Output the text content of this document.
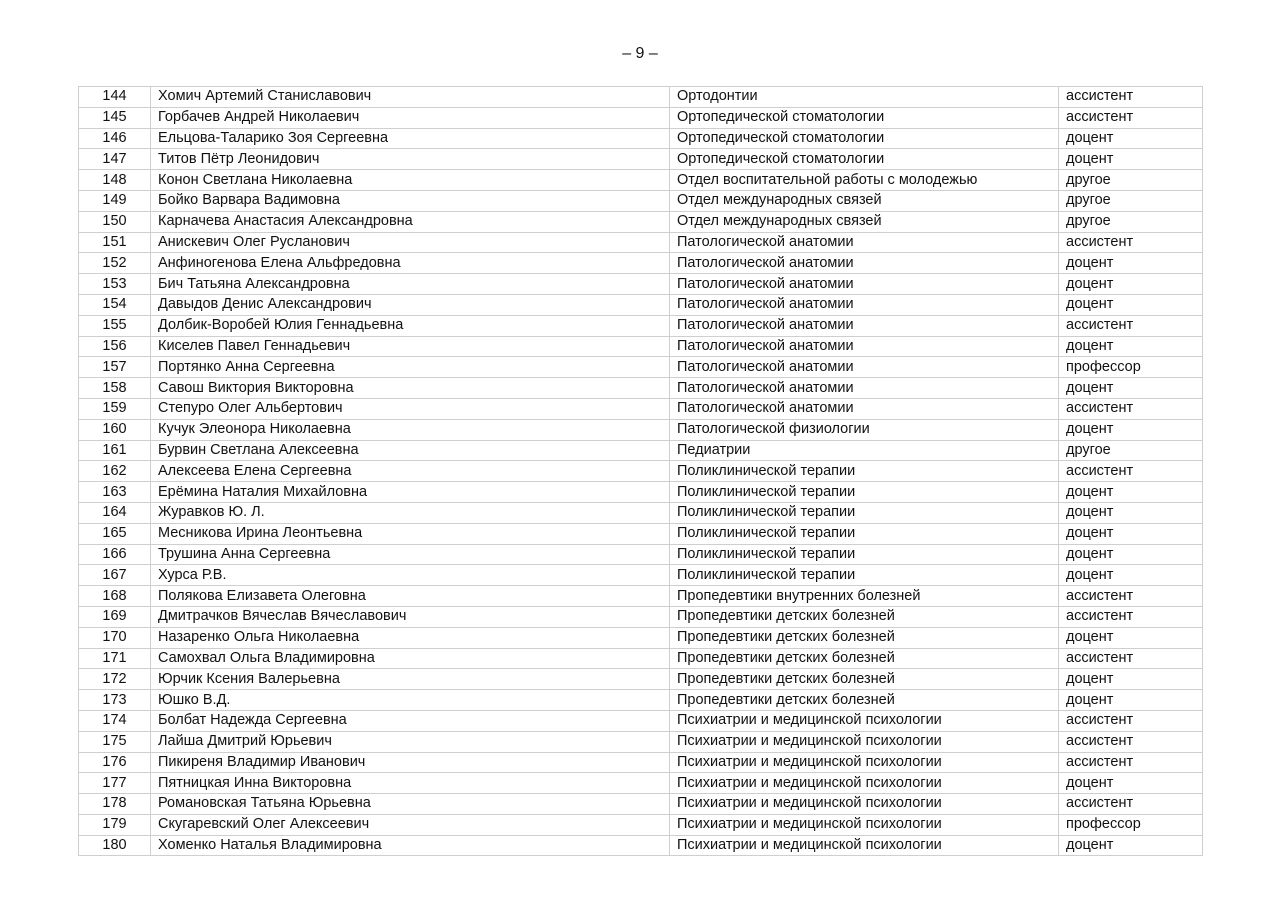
– 9 –
144	Хомич Артемий Станиславович	Ортодонтии	ассистент
145	Горбачев Андрей Николаевич	Ортопедической стоматологии	ассистент
146	Ельцова-Таларико Зоя Сергеевна	Ортопедической стоматологии	доцент
147	Титов Пётр Леонидович	Ортопедической стоматологии	доцент
148	Конон Светлана Николаевна	Отдел воспитательной работы с молодежью	другое
149	Бойко Варвара Вадимовна	Отдел международных связей	другое
150	Карначева Анастасия Александровна	Отдел международных связей	другое
151	Анискевич Олег Русланович	Патологической анатомии	ассистент
152	Анфиногенова Елена Альфредовна	Патологической анатомии	доцент
153	Бич Татьяна Александровна	Патологической анатомии	доцент
154	Давыдов Денис Александрович	Патологической анатомии	доцент
155	Долбик-Воробей Юлия Геннадьевна	Патологической анатомии	ассистент
156	Киселев Павел Геннадьевич	Патологической анатомии	доцент
157	Портянко Анна Сергеевна	Патологической анатомии	профессор
158	Савош Виктория Викторовна	Патологической анатомии	доцент
159	Степуро Олег Альбертович	Патологической анатомии	ассистент
160	Кучук Элеонора Николаевна	Патологической физиологии	доцент
161	Бурвин Светлана Алексеевна	Педиатрии	другое
162	Алексеева Елена Сергеевна	Поликлинической терапии	ассистент
163	Ерёмина Наталия Михайловна	Поликлинической терапии	доцент
164	Журавков Ю. Л.	Поликлинической терапии	доцент
165	Месникова Ирина Леонтьевна	Поликлинической терапии	доцент
166	Трушина Анна Сергеевна	Поликлинической терапии	доцент
167	Хурса Р.В.	Поликлинической терапии	доцент
168	Полякова Елизавета Олеговна	Пропедевтики внутренних болезней	ассистент
169	Дмитрачков Вячеслав Вячеславович	Пропедевтики детских болезней	ассистент
170	Назаренко Ольга Николаевна	Пропедевтики детских болезней	доцент
171	Самохвал Ольга Владимировна	Пропедевтики детских болезней	ассистент
172	Юрчик Ксения Валерьевна	Пропедевтики детских болезней	доцент
173	Юшко В.Д.	Пропедевтики детских болезней	доцент
174	Болбат Надежда Сергеевна	Психиатрии и медицинской психологии	ассистент
175	Лайша Дмитрий Юрьевич	Психиатрии и медицинской психологии	ассистент
176	Пикиреня Владимир Иванович	Психиатрии и медицинской психологии	ассистент
177	Пятницкая Инна Викторовна	Психиатрии и медицинской психологии	доцент
178	Романовская Татьяна Юрьевна	Психиатрии и медицинской психологии	ассистент
179	Скугаревский Олег Алексеевич	Психиатрии и медицинской психологии	профессор
180	Хоменко Наталья Владимировна	Психиатрии и медицинской психологии	доцент
